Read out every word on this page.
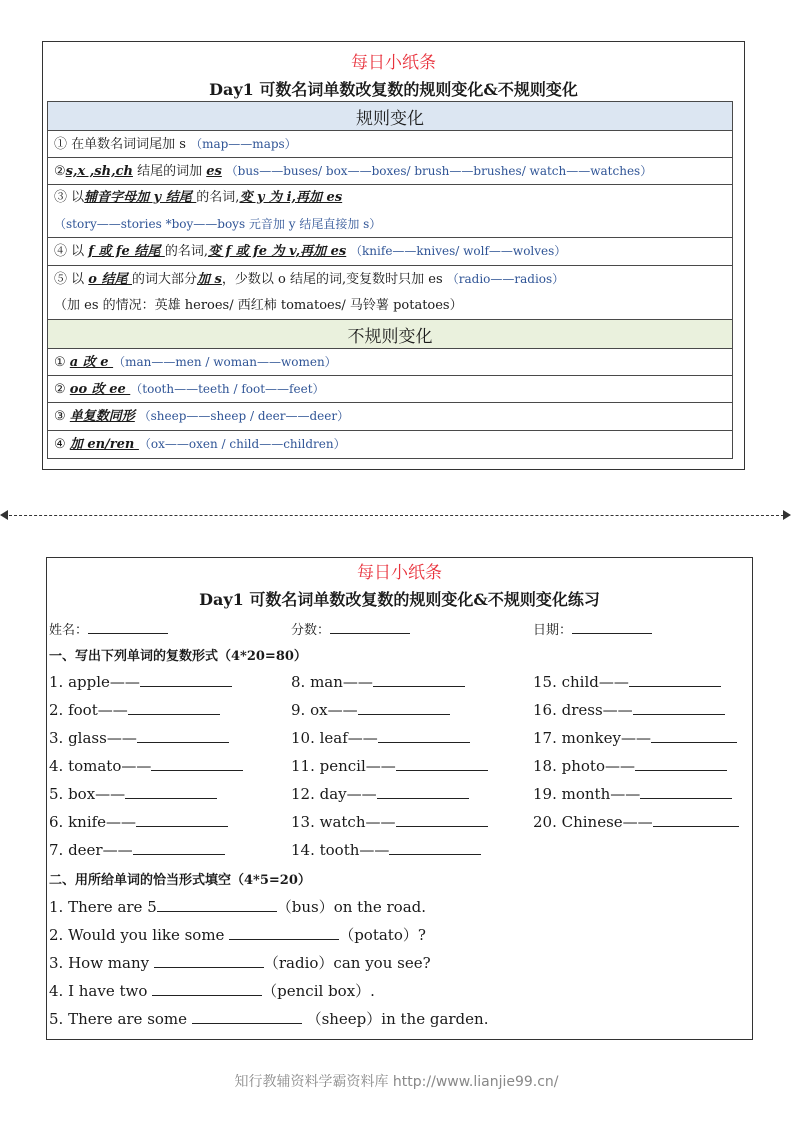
每日小纸条
Day1 可数名词单数改复数的规则变化&不规则变化
规则变化
① 在单数名词词尾加 s （map——maps）
②s,x ,sh,ch 结尾的词加 es （bus——buses/ box——boxes/ brush——brushes/ watch——watches）
③ 以辅音字母加 y 结尾 的名词,变 y 为 i,再加 es
（story——stories *boy——boys 元音加 y 结尾直接加 s）
④ 以 f 或 fe 结尾 的名词,变 f 或 fe 为 v,再加 es （knife——knives/ wolf——wolves）
⑤ 以 o 结尾 的词大部分加 s，少数以 o 结尾的词,变复数时只加 es （radio——radios）
（加 es 的情况：英雄 heroes/ 西红柿 tomatoes/ 马铃薯 potatoes）
不规则变化
① a 改 e （man——men / woman——women）
② oo 改 ee （tooth——teeth / foot——feet）
③ 单复数同形 （sheep——sheep / deer——deer）
④ 加 en/ren （ox——oxen / child——children）
每日小纸条
Day1 可数名词单数改复数的规则变化&不规则变化练习
姓名：	分数：	日期：
一、写出下列单词的复数形式（4*20=80）
1. apple——
2. foot——
3. glass——
4. tomato——
5. box——
6. knife——
7. deer——
8. man——
9. ox——
10. leaf——
11. pencil——
12. day——
13. watch——
14. tooth——
15. child——
16. dress——
17. monkey——
18. photo——
19. month——
20. Chinese——
二、用所给单词的恰当形式填空（4*5=20）
1. There are 5	（bus）on the road.
2. Would you like some	（potato）?
3. How many	（radio）can you see?
4. I have two	（pencil box）.
5. There are some	（sheep）in the garden.
知行教辅资料学霸资料库 http://www.lianjie99.cn/
